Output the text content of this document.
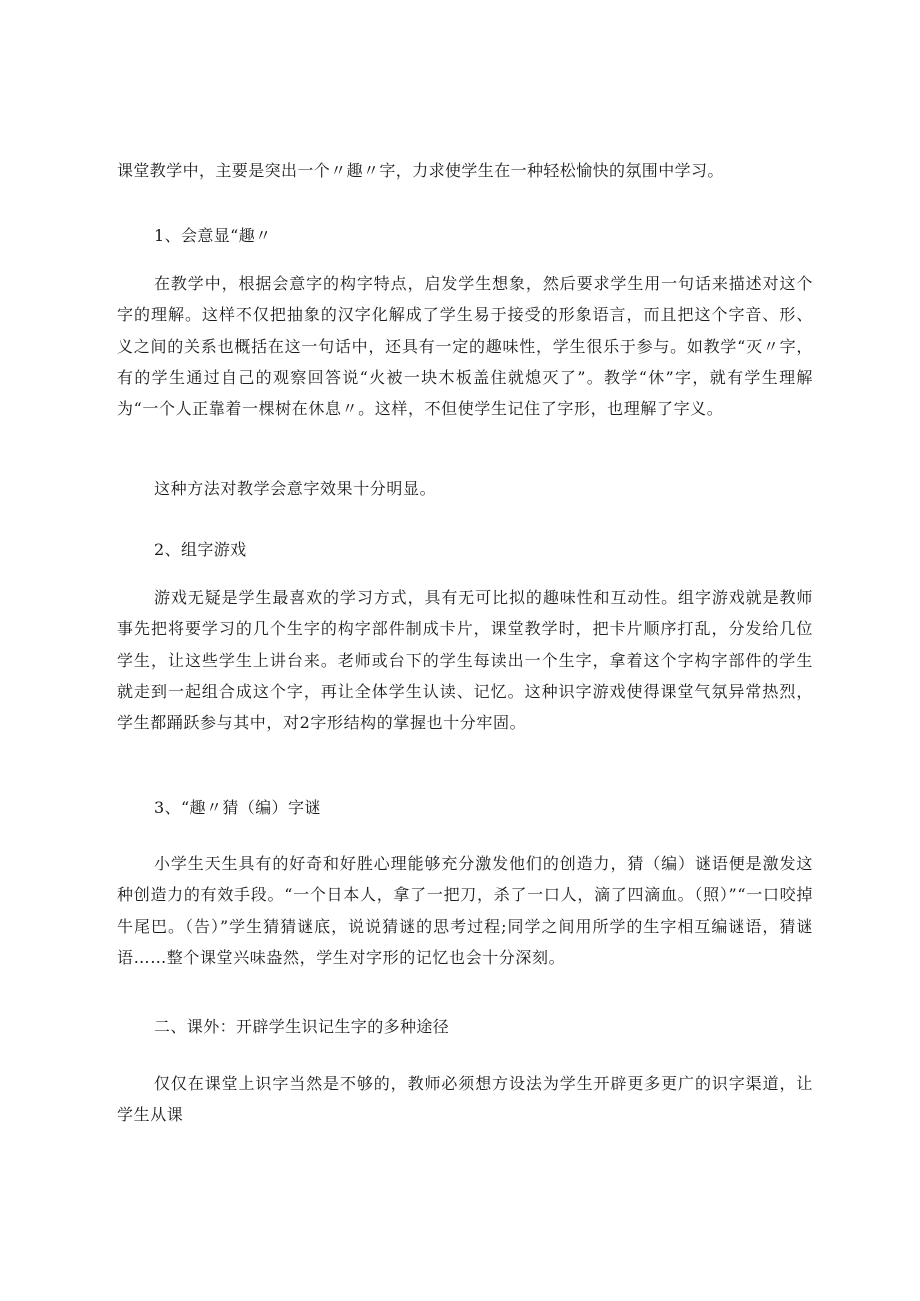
课堂教学中，主要是突出一个〃趣〃字，力求使学生在一种轻松愉快的氛围中学习。
1、会意显“趣〃

在教学中，根据会意字的构字特点，启发学生想象，然后要求学生用一句话来描述对这个字的理解。这样不仅把抽象的汉字化解成了学生易于接受的形象语言，而且把这个字音、形、义之间的关系也概括在这一句话中，还具有一定的趣味性，学生很乐于参与。如教学“灭〃字，有的学生通过自己的观察回答说“火被一块木板盖住就熄灭了”。教学“休”字，就有学生理解为“一个人正靠着一棵树在休息〃。这样，不但使学生记住了字形，也理解了字义。

这种方法对教学会意字效果十分明显。

2、组字游戏

游戏无疑是学生最喜欢的学习方式，具有无可比拟的趣味性和互动性。组字游戏就是教师事先把将要学习的几个生字的构字部件制成卡片，课堂教学时，把卡片顺序打乱，分发给几位学生，让这些学生上讲台来。老师或台下的学生每读出一个生字，拿着这个字构字部件的学生就走到一起组合成这个字，再让全体学生认读、记忆。这种识字游戏使得课堂气氛异常热烈，学生都踊跃参与其中，对2字形结构的掌握也十分牢固。

3、“趣〃猜（编）字谜

小学生天生具有的好奇和好胜心理能够充分激发他们的创造力，猜（编）谜语便是激发这种创造力的有效手段。“一个日本人，拿了一把刀，杀了一口人，滴了四滴血。（照）”“一口咬掉牛尾巴。（告）”学生猜猜谜底，说说猜谜的思考过程;同学之间用所学的生字相互编谜语，猜谜语……整个课堂兴味盎然，学生对字形的记忆也会十分深刻。

二、课外：开辟学生识记生字的多种途径

仅仅在课堂上识字当然是不够的，教师必须想方设法为学生开辟更多更广的识字渠道，让学生从课
